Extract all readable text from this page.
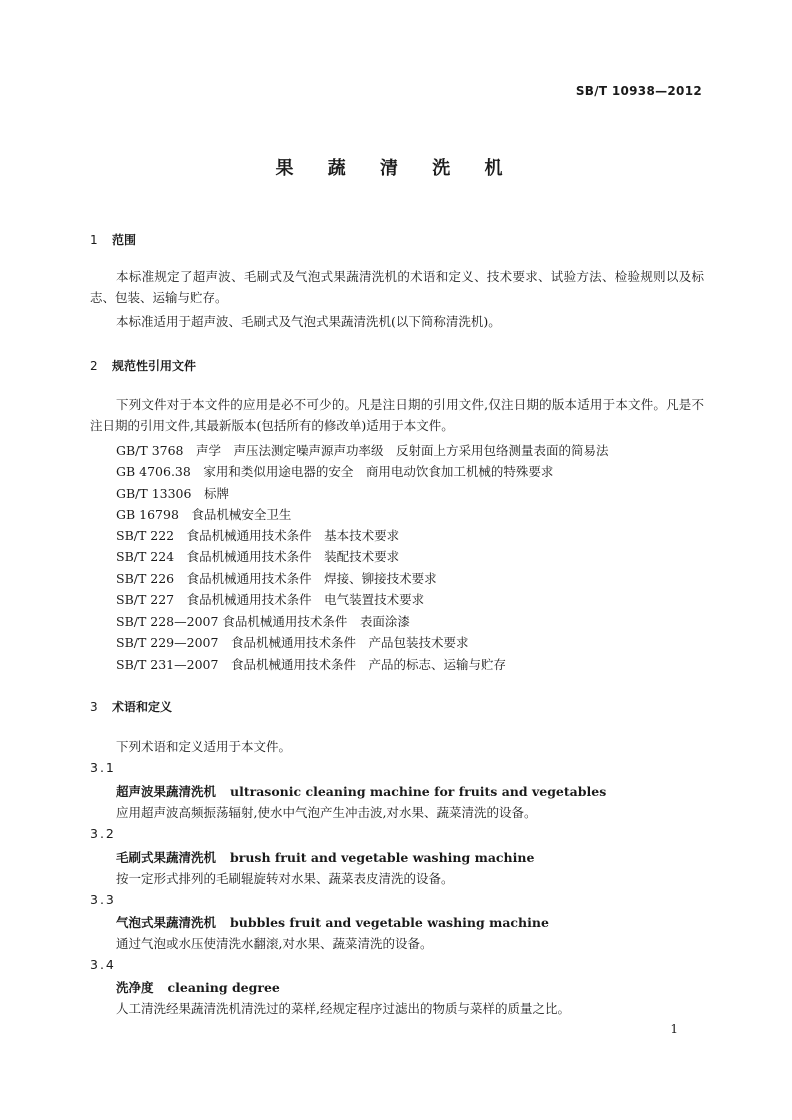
SB/T 10938—2012
果 蔬 清 洗 机
1 范围
本标准规定了超声波、毛刷式及气泡式果蔬清洗机的术语和定义、技术要求、试验方法、检验规则以及标志、包装、运输与贮存。
本标准适用于超声波、毛刷式及气泡式果蔬清洗机(以下简称清洗机)。
2 规范性引用文件
下列文件对于本文件的应用是必不可少的。凡是注日期的引用文件,仅注日期的版本适用于本文件。凡是不注日期的引用文件,其最新版本(包括所有的修改单)适用于本文件。
GB/T 3768　声学　声压法测定噪声源声功率级　反射面上方采用包络测量表面的简易法
GB 4706.38　家用和类似用途电器的安全　商用电动饮食加工机械的特殊要求
GB/T 13306　标牌
GB 16798　食品机械安全卫生
SB/T 222　食品机械通用技术条件　基本技术要求
SB/T 224　食品机械通用技术条件　装配技术要求
SB/T 226　食品机械通用技术条件　焊接、铆接技术要求
SB/T 227　食品机械通用技术条件　电气装置技术要求
SB/T 228—2007 食品机械通用技术条件　表面涂漆
SB/T 229—2007　食品机械通用技术条件　产品包装技术要求
SB/T 231—2007　食品机械通用技术条件　产品的标志、运输与贮存
3 术语和定义
下列术语和定义适用于本文件。
3.1
超声波果蔬清洗机 ultrasonic cleaning machine for fruits and vegetables
应用超声波高频振荡辐射,使水中气泡产生冲击波,对水果、蔬菜清洗的设备。
3.2
毛刷式果蔬清洗机 brush fruit and vegetable washing machine
按一定形式排列的毛刷辊旋转对水果、蔬菜表皮清洗的设备。
3.3
气泡式果蔬清洗机 bubbles fruit and vegetable washing machine
通过气泡或水压使清洗水翻滚,对水果、蔬菜清洗的设备。
3.4
洗净度 cleaning degree
人工清洗经果蔬清洗机清洗过的菜样,经规定程序过滤出的物质与菜样的质量之比。
1
